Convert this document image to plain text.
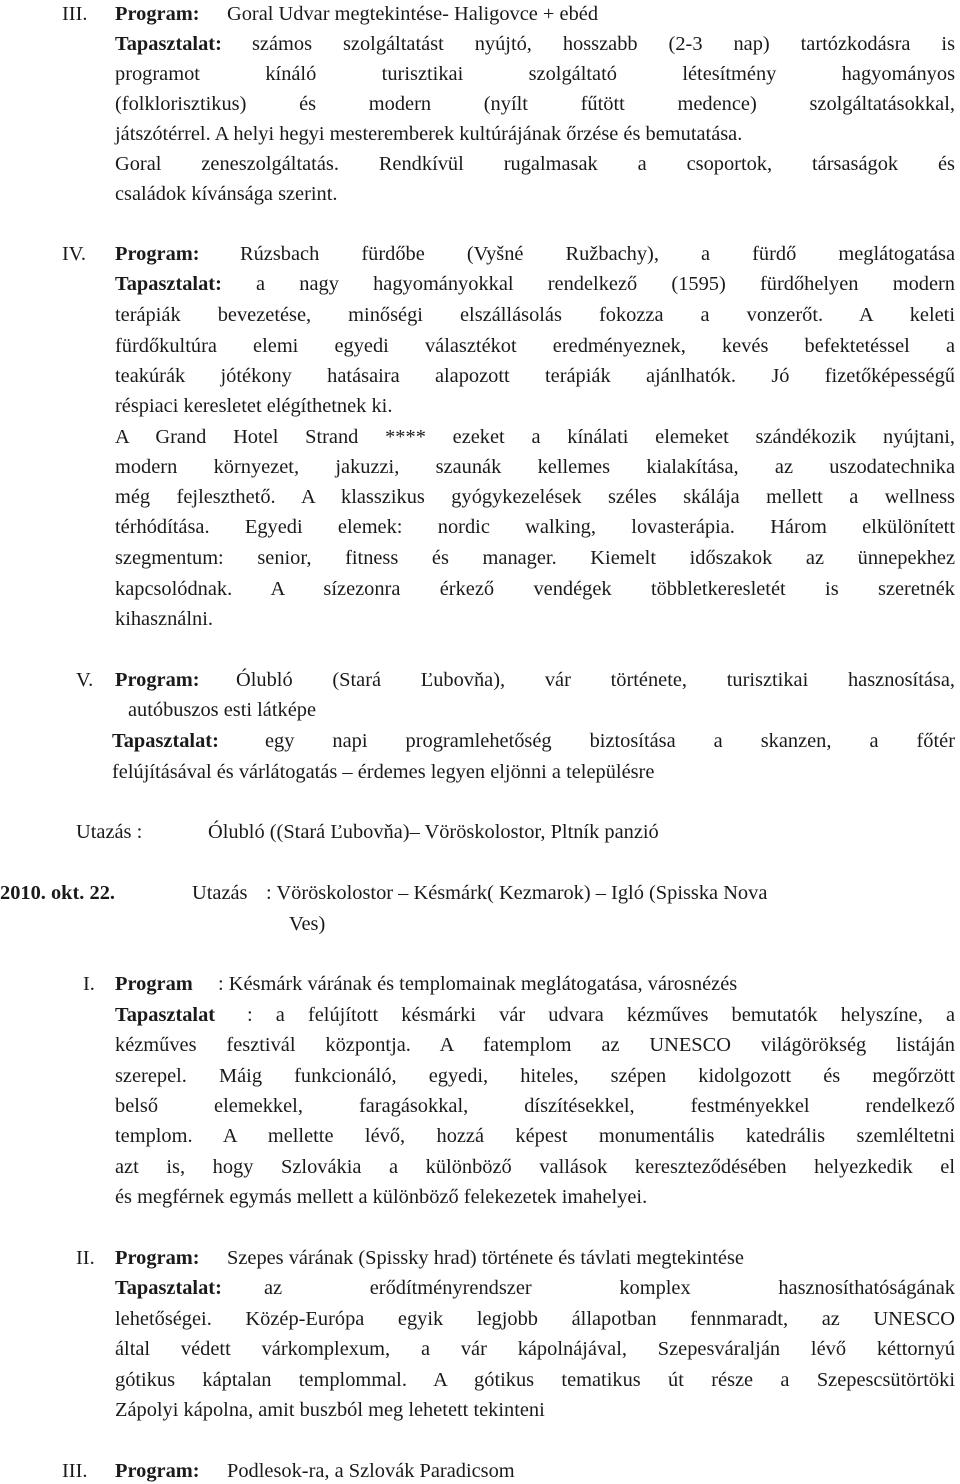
III. Program: Goral Udvar megtekintése- Haligovce + ebéd
Tapasztalat: számos szolgáltatást nyújtó, hosszabb (2-3 nap) tartózkodásra is
programot kínáló turisztikai szolgáltató létesítmény hagyományos
(folklorisztikus) és modern (nyílt fűtött medence) szolgáltatásokkal,
játszótérrel. A helyi hegyi mesteremberek kultúrájának őrzése és bemutatása.
Goral zeneszolgáltatás. Rendkívül rugalmasak a csoportok, társaságok és
családok kívánsága szerint.
IV. Program: Rúzsbach fürdőbe (Vyšné Ružbachy), a fürdő meglátogatása
Tapasztalat: a nagy hagyományokkal rendelkező (1595) fürdőhelyen modern
terápiák bevezetése, minőségi elszállásolás fokozza a vonzerőt. A keleti
fürdőkultúra elemi egyedi választékot eredményeznek, kevés befektetéssel a
teakúrák jótékony hatásaira alapozott terápiák ajánlhatók. Jó fizetőképességű
réspiaci keresletet elégíthetnek ki.
A Grand Hotel Strand **** ezeket a kínálati elemeket szándékozik nyújtani,
modern környezet, jakuzzi, szaunák kellemes kialakítása, az uszodatechnika
még fejleszthető. A klasszikus gyógykezelések széles skálája mellett a wellness
térhódítása. Egyedi elemek: nordic walking, lovasterápia. Három elkülönített
szegmentum: senior, fitness és manager. Kiemelt időszakok az ünnepekhez
kapcsolódnak. A sízezonra érkező vendégek többletkeresletét is szeretnék
kihasználni.
V. Program: Ólubló (Stará Ľubovňa), vár története, turisztikai hasznosítása,
autóbuszos esti látképe
Tapasztalat: egy napi programlehetőség biztosítása a skanzen, a főtér
felújításával és várlátogatás – érdemes legyen eljönni a településre
Utazás :	Ólubló ((Stará Ľubovňa)– Vöröskolostor, Pltník panzió
2010. okt. 22.	Utazás : Vöröskolostor – Késmárk( Kezmarok) – Igló (Spisska Nova
Ves)
I. Program : Késmárk várának és templomainak meglátogatása, városnézés
Tapasztalat : a felújított késmárki vár udvara kézműves bemutatók helyszíne, a
kézműves fesztivál központja. A fatemplom az UNESCO világörökség listáján
szerepel. Máig funkcionáló, egyedi, hiteles, szépen kidolgozott és megőrzött
belső elemekkel, faragásokkal, díszítésekkel, festményekkel rendelkező
templom. A mellette lévő, hozzá képest monumentális katedrális szemléltetni
azt is, hogy Szlovákia a különböző vallások kereszteződésében helyezkedik el
és megférnek egymás mellett a különböző felekezetek imahelyei.
II. Program: Szepes várának (Spissky hrad) története és távlati megtekintése
Tapasztalat: az erődítményrendszer komplex hasznosíthatóságának
lehetőségei. Közép-Európa egyik legjobb állapotban fennmaradt, az UNESCO
által védett várkomplexum, a vár kápolnájával, Szepesváralján lévő kéttornyú
gótikus káptalan templommal. A gótikus tematikus út része a Szepescsütörtöki
Zápolyi kápolna, amit buszból meg lehetett tekinteni
III. Program: Podlesok-ra, a Szlovák Paradicsom
